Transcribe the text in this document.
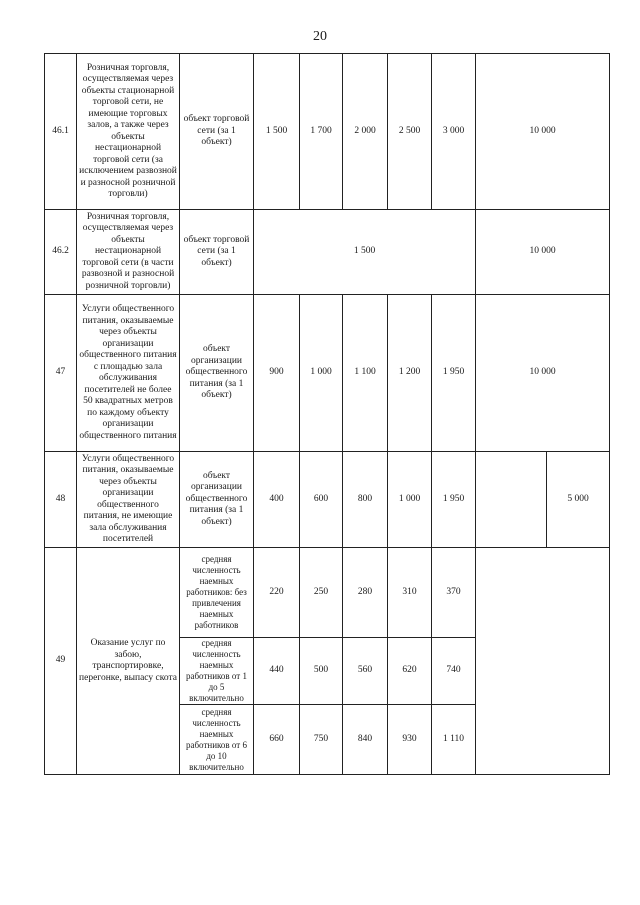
20
46.1	Розничная торговля, осуществляемая через объекты стационарной торговой сети, не имеющие торговых залов, а также через объекты нестационарной торговой сети (за исключением развозной и разносной розничной торговли)	объект торговой сети (за 1 объект)	1 500	1 700	2 000	2 500	3 000	10 000	
46.2	Розничная торговля, осуществляемая через объекты нестационарной торговой сети (в части развозной и разносной розничной торговли)	объект торговой сети (за 1 объект)	1 500					10 000	
47	Услуги общественного питания, оказываемые через объекты организации общественного питания с площадью зала обслуживания посетителей не более 50 квадратных метров по каждому объекту организации общественного питания	объект организации общественного питания (за 1 объект)	900	1 000	1 100	1 200	1 950	10 000	
48	Услуги общественного питания, оказываемые через объекты организации общественного питания, не имеющие зала обслуживания посетителей	объект организации общественного питания (за 1 объект)	400	600	800	1 000	1 950		5 000
49	Оказание услуг по забою, транспортировке, перегонке, выпасу скота	средняя численность наемных работников: без привлечения наемных работников	220	250	280	310	370		
		средняя численность наемных работников от 1 до 5 включительно	440	500	560	620	740		
		средняя численность наемных работников от 6 до 10 включительно	660	750	840	930	1 110		
